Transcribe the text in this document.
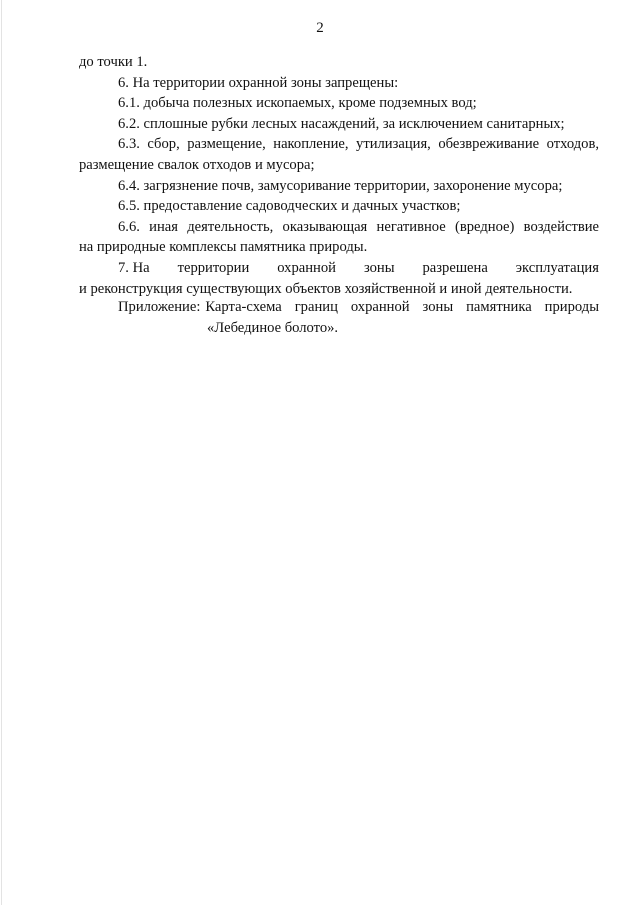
2
до точки 1.
6. На территории охранной зоны запрещены:
6.1. добыча полезных ископаемых, кроме подземных вод;
6.2. сплошные рубки лесных насаждений, за исключением санитарных;
6.3. сбор, размещение, накопление, утилизация, обезвреживание отходов,
размещение свалок отходов и мусора;
6.4. загрязнение почв, замусоривание территории, захоронение мусора;
6.5. предоставление садоводческих и дачных участков;
6.6. иная деятельность, оказывающая негативное (вредное) воздействие
на природные комплексы памятника природы.
7. На территории охранной зоны разрешена эксплуатация
и реконструкция существующих объектов хозяйственной и иной деятельности.
Приложение: Карта-схема границ охранной зоны памятника природы
«Лебединое болото».
